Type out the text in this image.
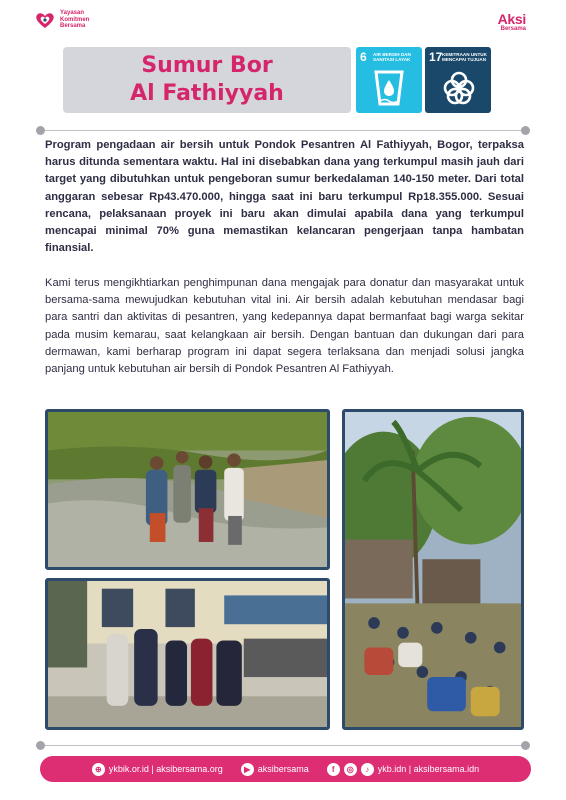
Yayasan
Komitmen
Bersama	Aksi
Bersama
Sumur Bor
Al Fathiyyah
6 AIR BERSIH DAN SANITASI LAYAK	17 KEMITRAAN UNTUK MENCAPAI TUJUAN

Program pengadaan air bersih untuk Pondok Pesantren Al Fathiyyah, Bogor, terpaksa harus ditunda sementara waktu. Hal ini disebabkan dana yang terkumpul masih jauh dari target yang dibutuhkan untuk pengeboran sumur berkedalaman 140-150 meter. Dari total anggaran sebesar Rp43.470.000, hingga saat ini baru terkumpul Rp18.355.000. Sesuai rencana, pelaksanaan proyek ini baru akan dimulai apabila dana yang terkumpul mencapai minimal 70% guna memastikan kelancaran pengerjaan tanpa hambatan finansial.

Kami terus mengikhtiarkan penghimpunan dana mengajak para donatur dan masyarakat untuk bersama-sama mewujudkan kebutuhan vital ini. Air bersih adalah kebutuhan mendasar bagi para santri dan aktivitas di pesantren, yang kedepannya dapat bermanfaat bagi warga sekitar pada musim kemarau, saat kelangkaan air bersih. Dengan bantuan dan dukungan dari para dermawan, kami berharap program ini dapat segera terlaksana dan menjadi solusi jangka panjang untuk kebutuhan air bersih di Pondok Pesantren Al Fathiyyah.

⊕ ykbik.or.id | aksibersama.org	▶ aksibersama	f	◎	♪ ykb.idn | aksibersama.idn
